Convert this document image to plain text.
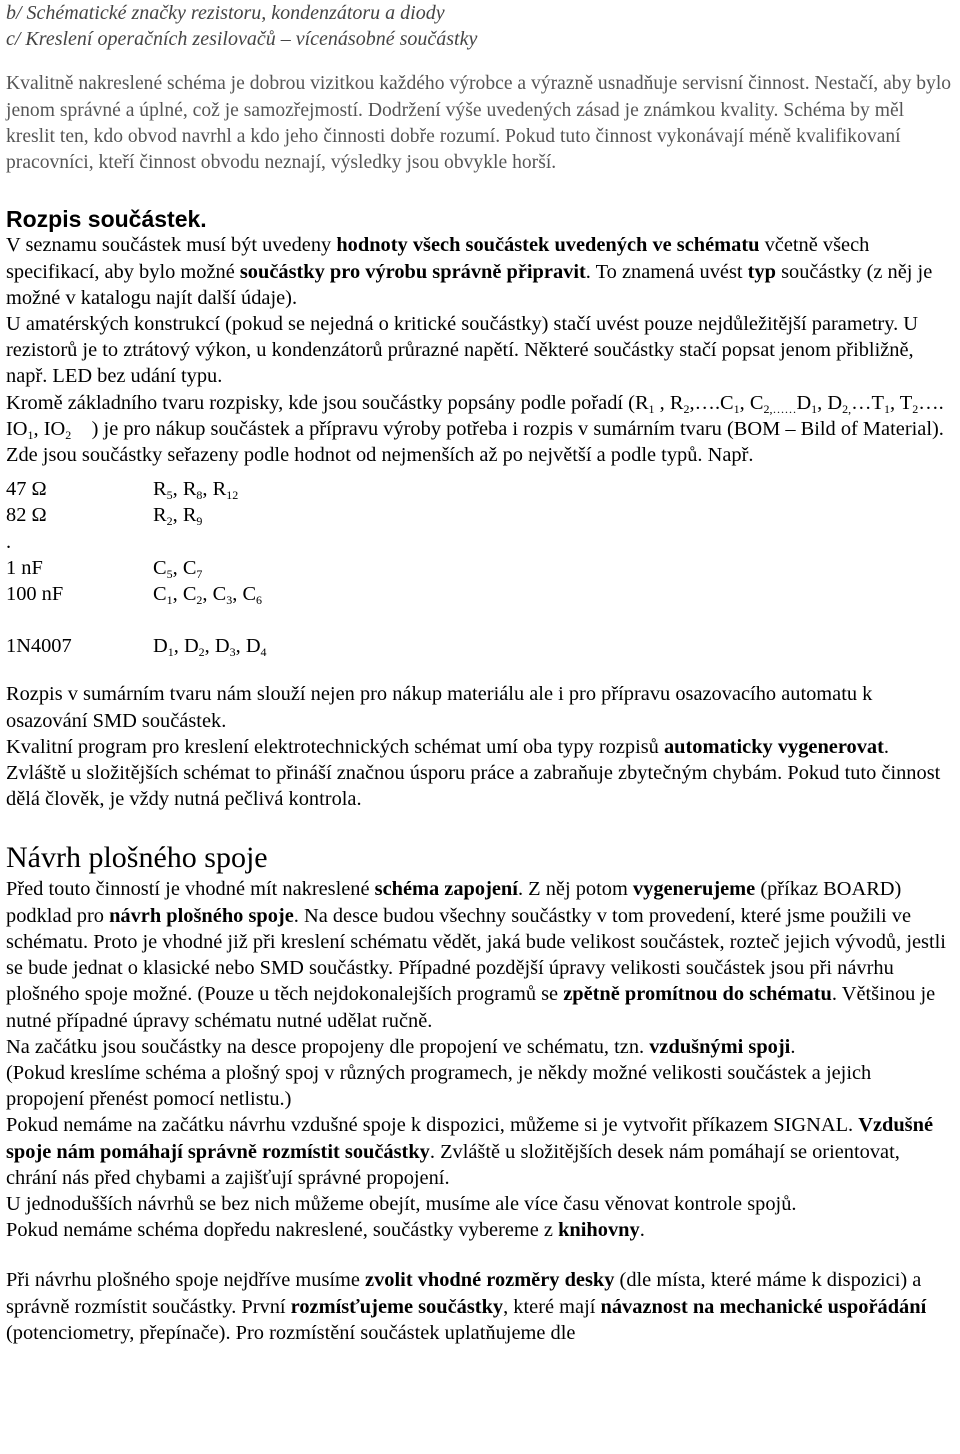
b/ Schématické značky rezistoru, kondenzátoru a diody

c/ Kreslení operačních zesilovačů – vícenásobné součástky

Kvalitně nakreslené schéma je dobrou vizitkou každého výrobce a výrazně usnadňuje servisní činnost. Nestačí, aby bylo jenom správné a úplné, což je samozřejmostí. Dodržení výše uvedených zásad je známkou kvality. Schéma by měl kreslit ten, kdo obvod navrhl a kdo jeho činnosti dobře rozumí. Pokud tuto činnost vykonávají méně kvalifikovaní pracovníci, kteří činnost obvodu neznají, výsledky jsou obvykle horší.

Rozpis součástek.

V seznamu součástek musí být uvedeny hodnoty všech součástek uvedených ve schématu včetně všech specifikací, aby bylo možné součástky pro výrobu správně připravit. To znamená uvést typ součástky (z něj je možné v katalogu najít další údaje).

U amatérských konstrukcí (pokud se nejedná o kritické součástky) stačí uvést pouze nejdůležitější parametry. U rezistorů je to ztrátový výkon, u kondenzátorů průrazné napětí. Některé součástky stačí popsat jenom přibližně, např. LED bez udání typu.

Kromě základního tvaru rozpisky, kde jsou součástky popsány podle pořadí ($R_1$ , $R_2,\dots.C_1$, $C_{2,\dots\dots}D_1$, $D_{2,}\dots T_1$, $T_2\dots$. $IO_1$, $IO_2$    ) je pro nákup součástek a přípravu výroby potřeba i rozpis v sumárním tvaru (BOM – Bild of Material). Zde jsou součástky seřazeny podle hodnot od nejmenších až po největší a podle typů. Např.

47 Ω	$R_5$, $R_8$, $R_{12}$
82 Ω	$R_2$, $R_9$
.
1 nF	$C_5$, $C_7$
100 nF	$C_1$, $C_2$, $C_3$, $C_6$
1N4007	$D_1$, $D_2$, $D_3$, $D_4$

Rozpis v sumárním tvaru nám slouží nejen pro nákup materiálu ale i pro přípravu osazovacího automatu k osazování SMD součástek.

Kvalitní program pro kreslení elektrotechnických schémat umí oba typy rozpisů automaticky vygenerovat. Zvláště u složitějších schémat to přináší značnou úsporu práce a zabraňuje zbytečným chybám. Pokud tuto činnost dělá člověk, je vždy nutná pečlivá kontrola.

Návrh plošného spoje

Před touto činností je vhodné mít nakreslené schéma zapojení. Z něj potom vygenerujeme (příkaz BOARD) podklad pro návrh plošného spoje. Na desce budou všechny součástky v tom provedení, které jsme použili ve schématu. Proto je vhodné již při kreslení schématu vědět, jaká bude velikost součástek, rozteč jejich vývodů, jestli se bude jednat o klasické nebo SMD součástky. Případné pozdější úpravy velikosti součástek jsou při návrhu plošného spoje možné. (Pouze u těch nejdokonalejších programů se zpětně promítnou do schématu. Většinou je nutné případné úpravy schématu nutné udělat ručně.

Na začátku jsou součástky na desce propojeny dle propojení ve schématu, tzn. vzdušnými spoji.

(Pokud kreslíme schéma a plošný spoj v různých programech, je někdy možné velikosti součástek a jejich propojení přenést pomocí netlistu.)

Pokud nemáme na začátku návrhu vzdušné spoje k dispozici, můžeme si je vytvořit příkazem SIGNAL. Vzdušné spoje nám pomáhají správně rozmístit součástky. Zvláště u složitějších desek nám pomáhají se orientovat, chrání nás před chybami a zajišťují správné propojení.

U jednodušších návrhů se bez nich můžeme obejít, musíme ale více času věnovat kontrole spojů.

Pokud nemáme schéma dopředu nakreslené, součástky vybereme z knihovny.

Při návrhu plošného spoje nejdříve musíme zvolit vhodné rozměry desky (dle místa, které máme k dispozici) a správně rozmístit součástky. První rozmísťujeme součástky, které mají návaznost na mechanické uspořádání (potenciometry, přepínače). Pro rozmístění součástek uplatňujeme dle
